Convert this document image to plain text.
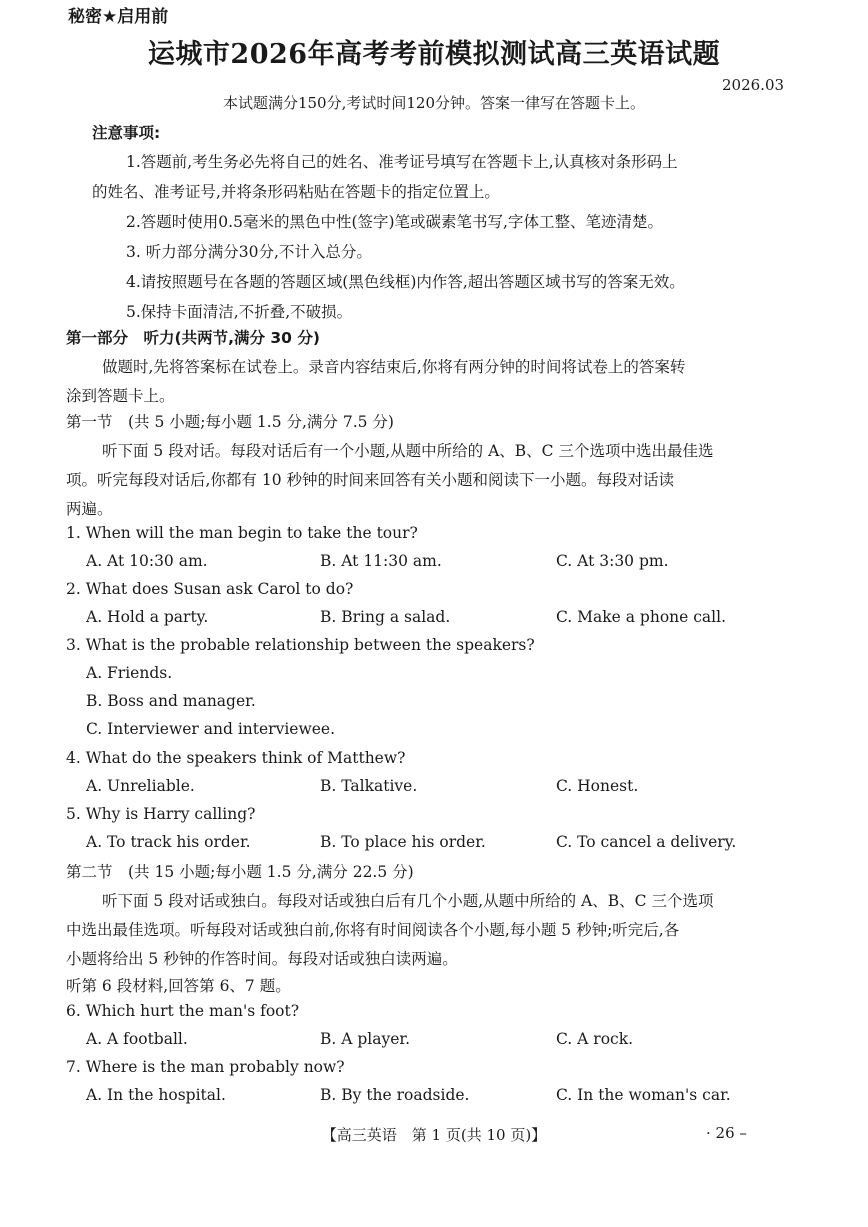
秘密★启用前
运城市2026年高考考前模拟测试高三英语试题
2026.03
本试题满分150分,考试时间120分钟。答案一律写在答题卡上。
注意事项:
1.答题前,考生务必先将自己的姓名、准考证号填写在答题卡上,认真核对条形码上
的姓名、准考证号,并将条形码粘贴在答题卡的指定位置上。
2.答题时使用0.5毫米的黑色中性(签字)笔或碳素笔书写,字体工整、笔迹清楚。
3. 听力部分满分30分,不计入总分。
4.请按照题号在各题的答题区域(黑色线框)内作答,超出答题区域书写的答案无效。
5.保持卡面清洁,不折叠,不破损。
第一部分　听力(共两节,满分 30 分)
做题时,先将答案标在试卷上。录音内容结束后,你将有两分钟的时间将试卷上的答案转
涂到答题卡上。
第一节　(共 5 小题;每小题 1.5 分,满分 7.5 分)
听下面 5 段对话。每段对话后有一个小题,从题中所给的 A、B、C 三个选项中选出最佳选
项。听完每段对话后,你都有 10 秒钟的时间来回答有关小题和阅读下一小题。每段对话读
两遍。
1. When will the man begin to take the tour?
A. At 10:30 am.	B. At 11:30 am.	C. At 3:30 pm.
2. What does Susan ask Carol to do?
A. Hold a party.	B. Bring a salad.	C. Make a phone call.
3. What is the probable relationship between the speakers?
A. Friends.
B. Boss and manager.
C. Interviewer and interviewee.
4. What do the speakers think of Matthew?
A. Unreliable.	B. Talkative.	C. Honest.
5. Why is Harry calling?
A. To track his order.	B. To place his order.	C. To cancel a delivery.
第二节　(共 15 小题;每小题 1.5 分,满分 22.5 分)
听下面 5 段对话或独白。每段对话或独白后有几个小题,从题中所给的 A、B、C 三个选项
中选出最佳选项。听每段对话或独白前,你将有时间阅读各个小题,每小题 5 秒钟;听完后,各
小题将给出 5 秒钟的作答时间。每段对话或独白读两遍。
听第 6 段材料,回答第 6、7 题。
6. Which hurt the man's foot?
A. A football.	B. A player.	C. A rock.
7. Where is the man probably now?
A. In the hospital.	B. By the roadside.	C. In the woman's car.
【高三英语　第 1 页(共 10 页)】	· 26 –
